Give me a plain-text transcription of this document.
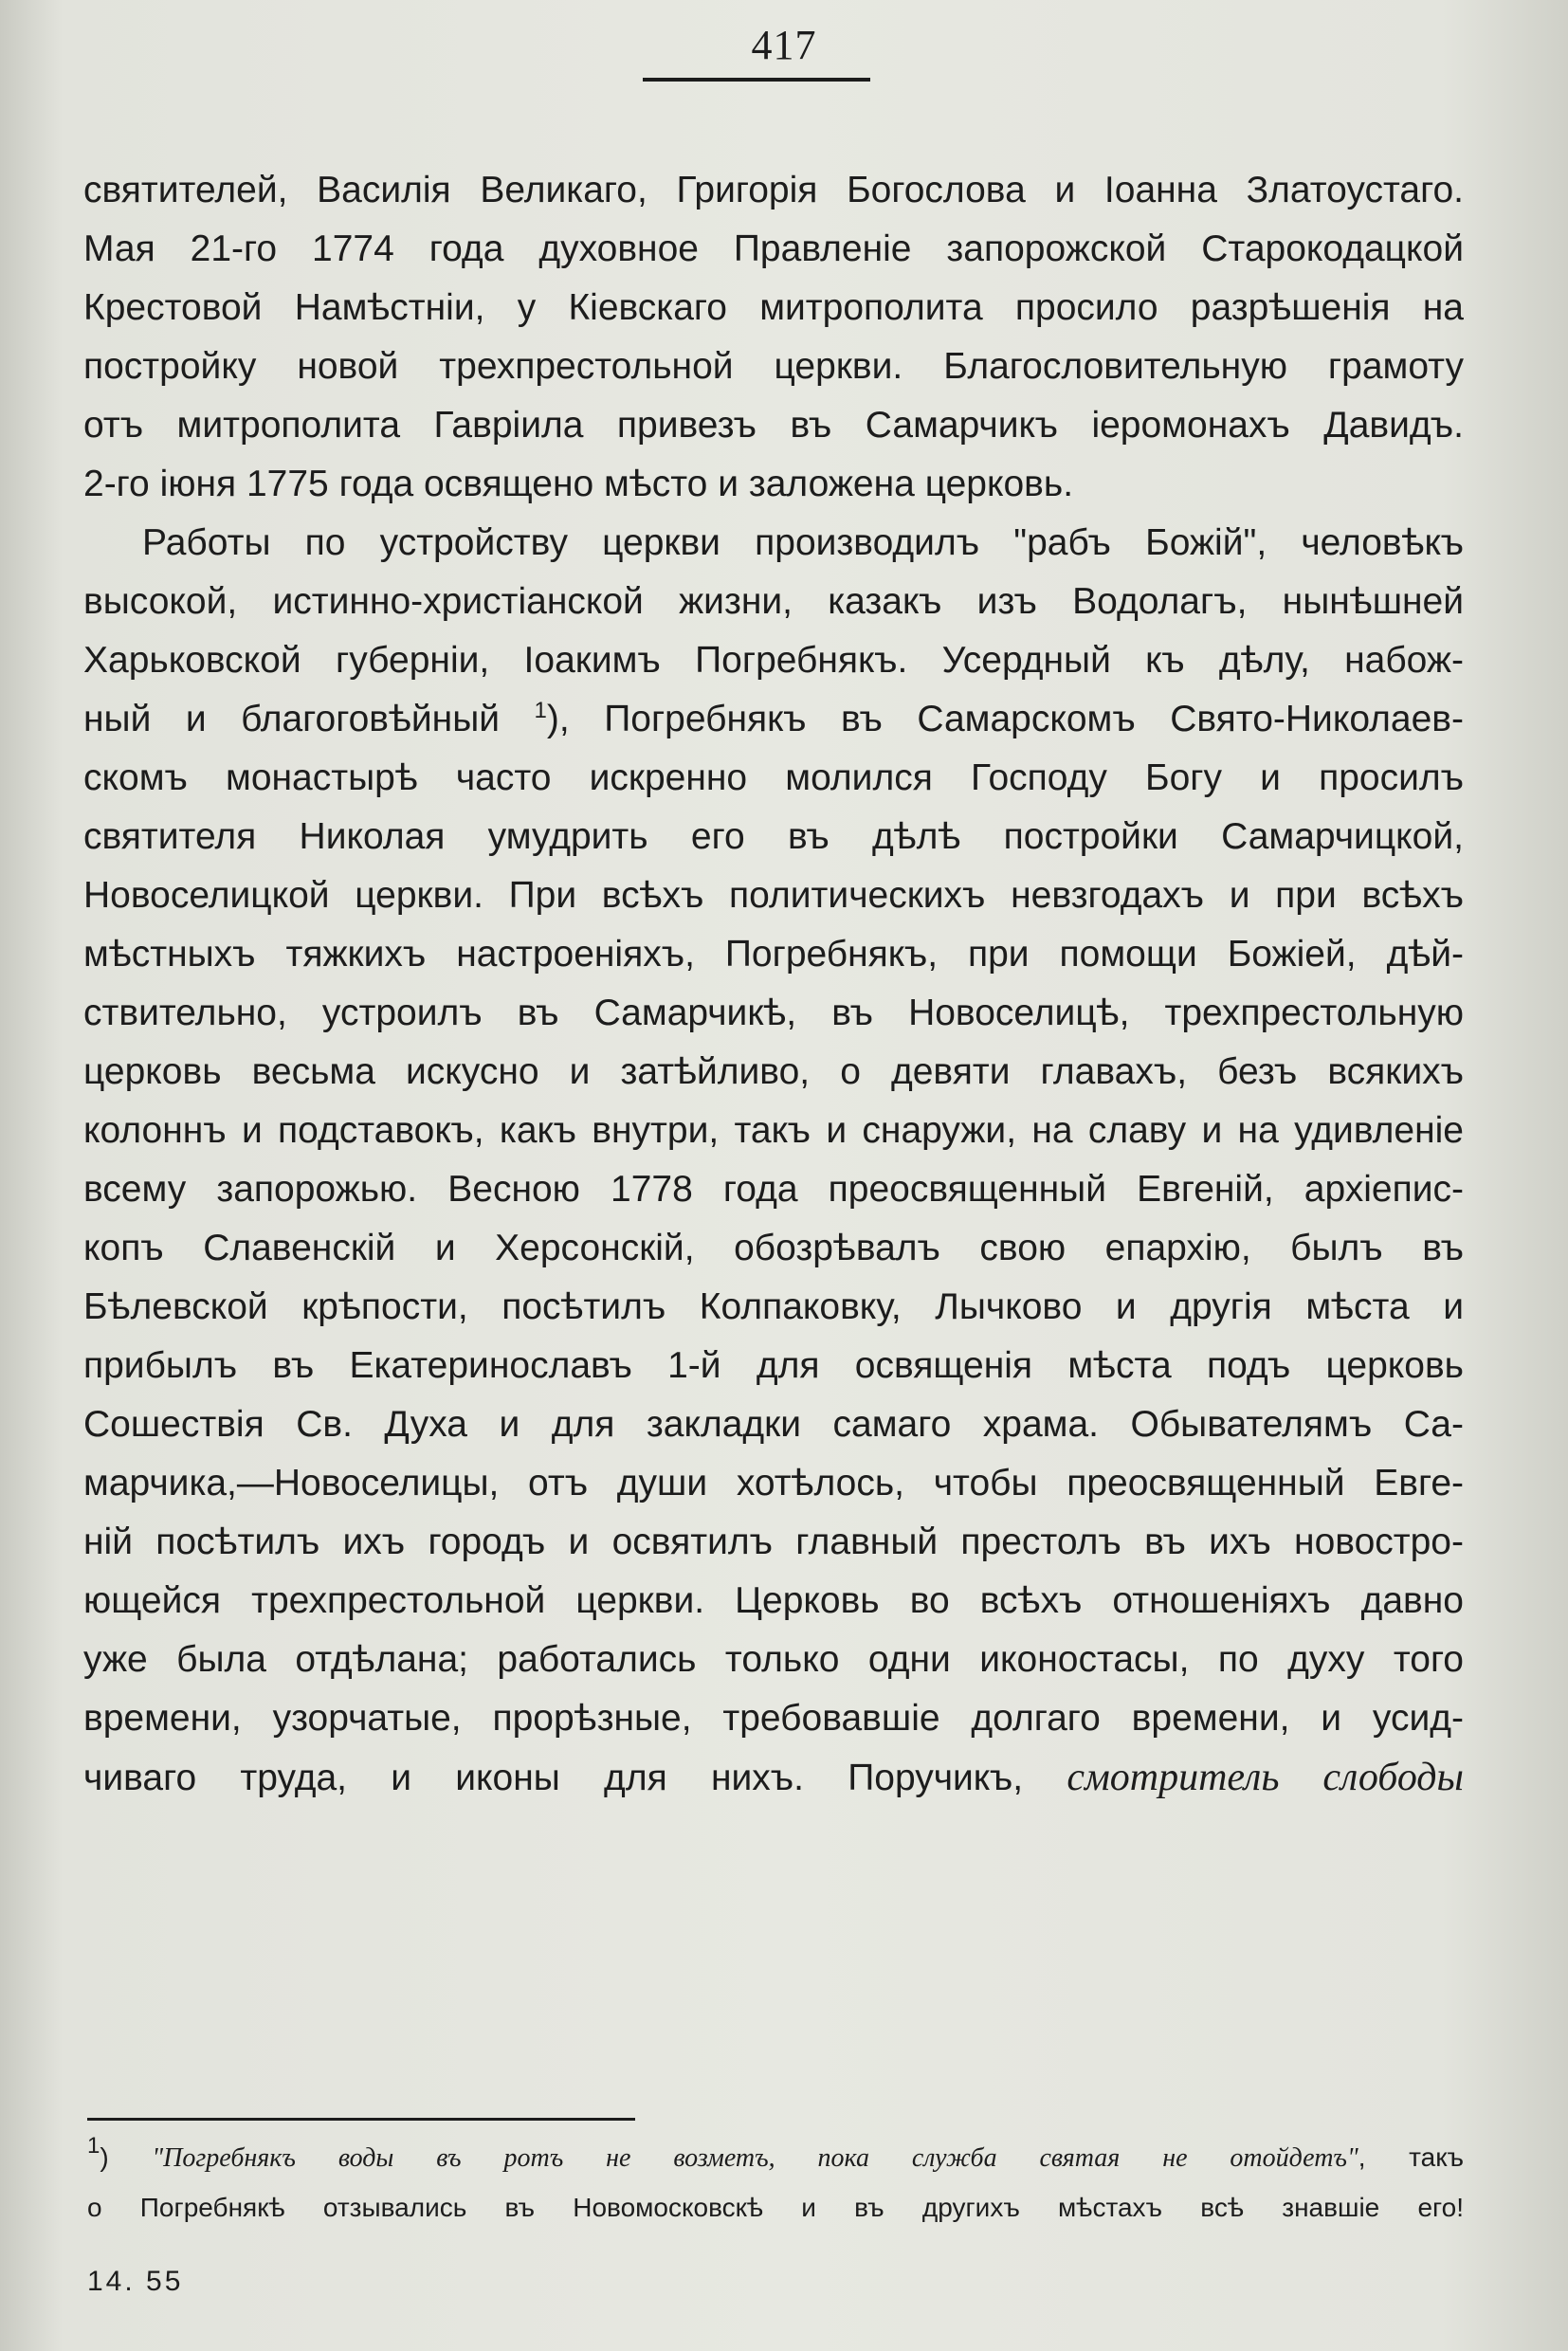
417

святителей, Василія Великаго, Григорія Богослова и Іоанна Златоустаго.
Мая 21-го 1774 года духовное Правленіе запорожской Старокодацкой
Крестовой Намѣстніи, у Кіевскаго митрополита просило разрѣшенія на
постройку новой трехпрестольной церкви. Благословительную грамоту
отъ митрополита Гавріила привезъ въ Самарчикъ іеромонахъ Давидъ.
2-го іюня 1775 года освящено мѣсто и заложена церковь.

Работы по устройству церкви производилъ "рабъ Божій", человѣкъ
высокой, истинно-христіанской жизни, казакъ изъ Водолагъ, нынѣшней
Харьковской губерніи, Іоакимъ Погребнякъ. Усердный къ дѣлу, набож-
ный и благоговѣйный $^1$), Погребнякъ въ Самарскомъ Свято-Николаев-
скомъ монастырѣ часто искренно молился Господу Богу и просилъ
святителя Николая умудрить его въ дѣлѣ постройки Самарчицкой,
Новоселицкой церкви. При всѣхъ политическихъ невзгодахъ и при всѣхъ
мѣстныхъ тяжкихъ настроеніяхъ, Погребнякъ, при помощи Божіей, дѣй-
ствительно, устроилъ въ Самарчикѣ, въ Новоселицѣ, трехпрестольную
церковь весьма искусно и затѣйливо, о девяти главахъ, безъ всякихъ
колоннъ и подставокъ, какъ внутри, такъ и снаружи, на славу и на удивленіе
всему запорожью. Весною 1778 года преосвященный Евгеній, архіепис-
копъ Славенскій и Херсонскій, обозрѣвалъ свою епархію, былъ въ
Бѣлевской крѣпости, посѣтилъ Колпаковку, Лычково и другія мѣста и
прибылъ въ Екатеринославъ 1-й для освященія мѣста подъ церковь
Сошествія Св. Духа и для закладки самаго храма. Обывателямъ Са-
марчика,—Новоселицы, отъ души хотѣлось, чтобы преосвященный Евге-
ній посѣтилъ ихъ городъ и освятилъ главный престолъ въ ихъ новостро-
ющейся трехпрестольной церкви. Церковь во всѣхъ отношеніяхъ давно
уже была отдѣлана; работались только одни иконостасы, по духу того
времени, узорчатые, прорѣзные, требовавшіе долгаго времени, и усид-
чиваго труда, и иконы для нихъ. Поручикъ, смотритель слободы

$^1$) "Погребнякъ воды въ ротъ не возметъ, пока служба святая не отойдетъ", такъ
о Погребнякѣ отзывались въ Новомосковскѣ и въ другихъ мѣстахъ всѣ знавшіе его!
14. 55
